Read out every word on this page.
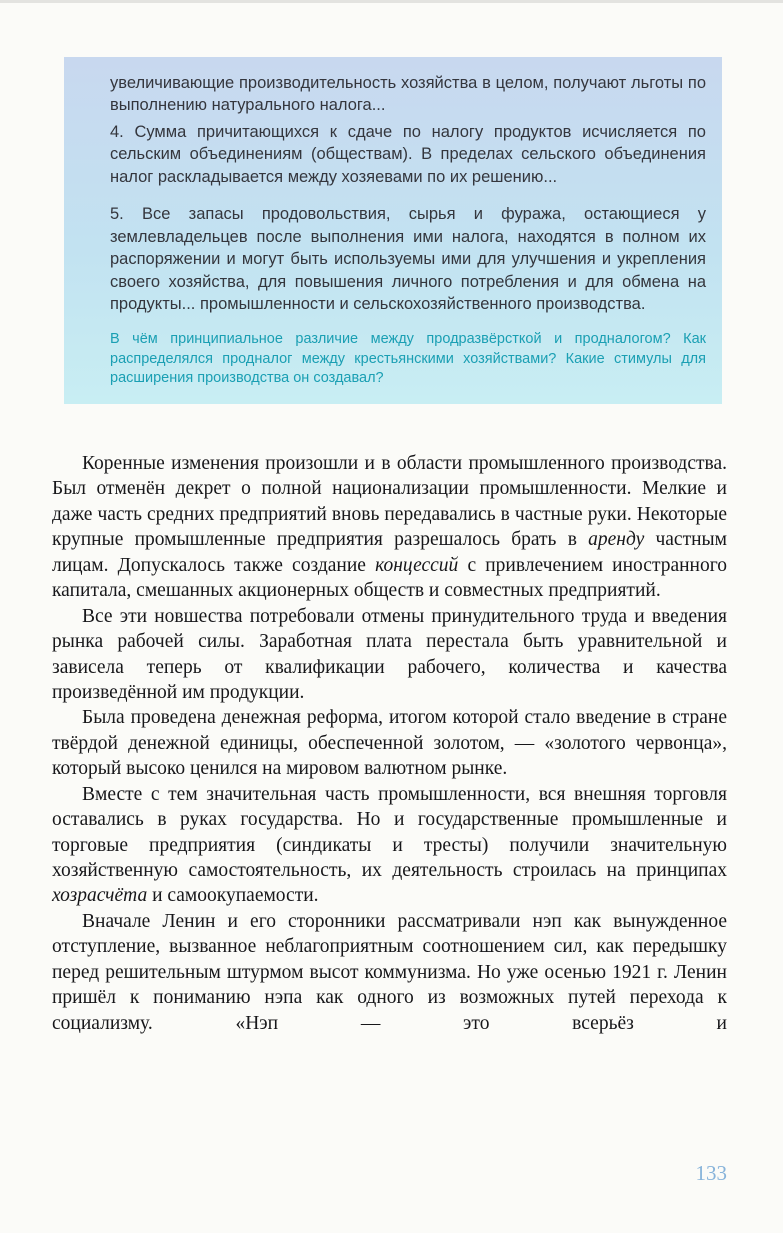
увеличивающие производительность хозяйства в целом, получают льготы по выполнению натурального налога...

4. Сумма причитающихся к сдаче по налогу продуктов исчисляется по сельским объединениям (обществам). В пределах сельского объединения налог раскладывается между хозяевами по их решению...

5. Все запасы продовольствия, сырья и фуража, остающиеся у землевладельцев после выполнения ими налога, находятся в полном их распоряжении и могут быть используемы ими для улучшения и укрепления своего хозяйства, для повышения личного потребления и для обмена на продукты... промышленности и сельскохозяйственного производства.

В чём принципиальное различие между продразвёрсткой и продналогом? Как распределялся продналог между крестьянскими хозяйствами? Какие стимулы для расширения производства он создавал?

Коренные изменения произошли и в области промышленного производства. Был отменён декрет о полной национализации промышленности. Мелкие и даже часть средних предприятий вновь передавались в частные руки. Некоторые крупные промышленные предприятия разрешалось брать в аренду частным лицам. Допускалось также создание концессий с привлечением иностранного капитала, смешанных акционерных обществ и совместных предприятий.

Все эти новшества потребовали отмены принудительного труда и введения рынка рабочей силы. Заработная плата перестала быть уравнительной и зависела теперь от квалификации рабочего, количества и качества произведённой им продукции.

Была проведена денежная реформа, итогом которой стало введение в стране твёрдой денежной единицы, обеспеченной золотом, — «золотого червонца», который высоко ценился на мировом валютном рынке.

Вместе с тем значительная часть промышленности, вся внешняя торговля оставались в руках государства. Но и государственные промышленные и торговые предприятия (синдикаты и тресты) получили значительную хозяйственную самостоятельность, их деятельность строилась на принципах хозрасчёта и самоокупаемости.

Вначале Ленин и его сторонники рассматривали нэп как вынужденное отступление, вызванное неблагоприятным соотношением сил, как передышку перед решительным штурмом высот коммунизма. Но уже осенью 1921 г. Ленин пришёл к пониманию нэпа как одного из возможных путей перехода к социализму. «Нэп — это всерьёз и

133
